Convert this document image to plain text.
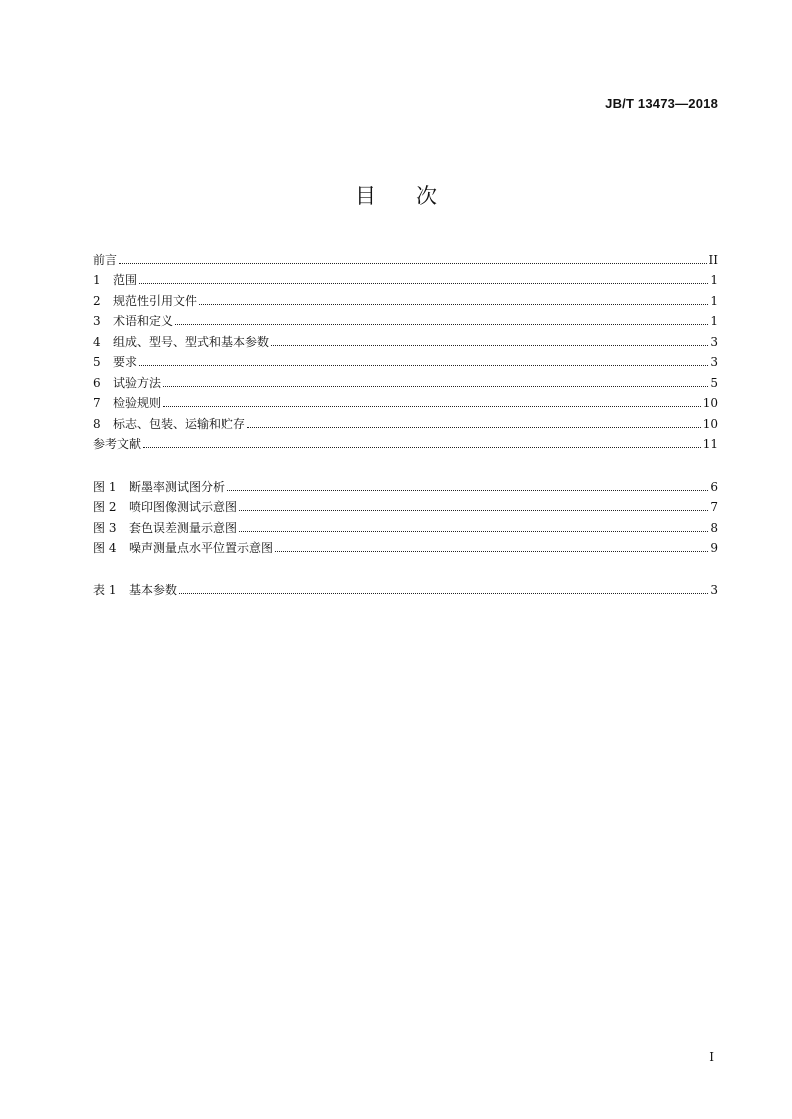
JB/T 13473—2018
目次
前言	II
1	范围	1
2	规范性引用文件	1
3	术语和定义	1
4	组成、型号、型式和基本参数	3
5	要求	3
6	试验方法	5
7	检验规则	10
8	标志、包装、运输和贮存	10
参考文献	11
图 1	断墨率测试图分析	6
图 2	喷印图像测试示意图	7
图 3	套色误差测量示意图	8
图 4	噪声测量点水平位置示意图	9
表 1	基本参数	3
I
